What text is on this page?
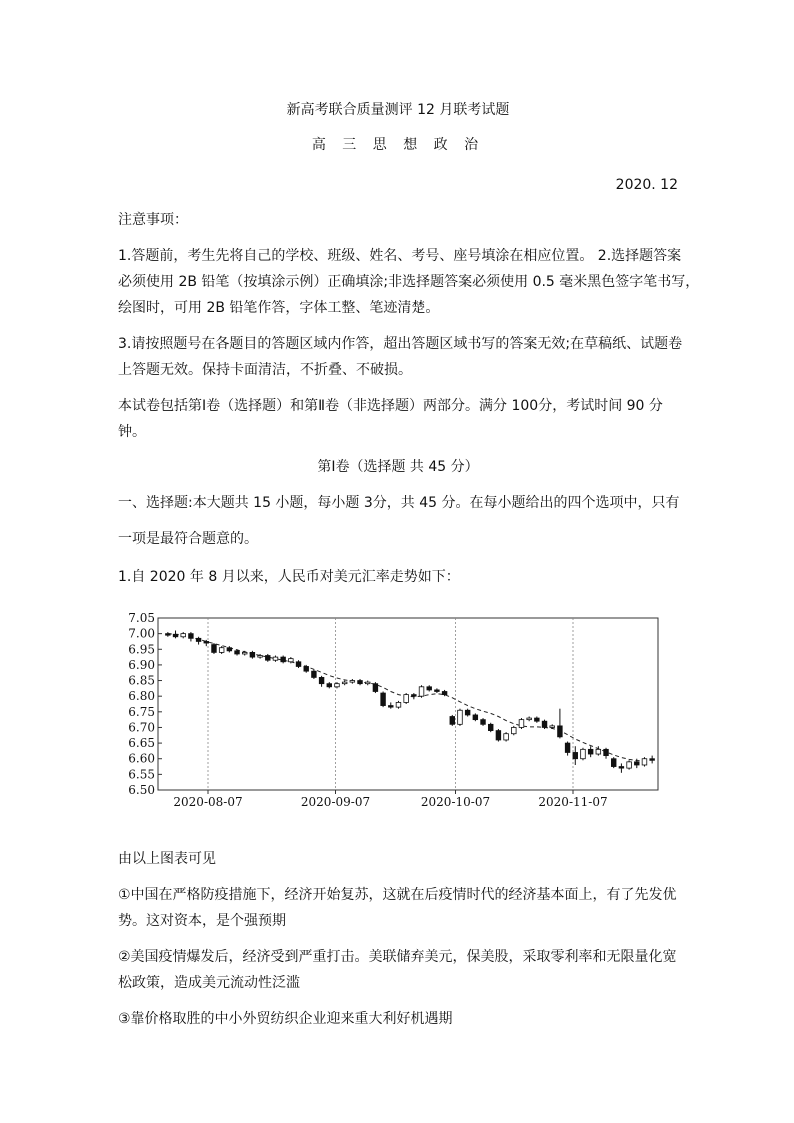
新高考联合质量测评 12 月联考试题
高 三 思 想 政 治
2020. 12
注意事项：
1.答题前，考生先将自己的学校、班级、姓名、考号、座号填涂在相应位置。 2.选择题答案
必须使用 2B 铅笔（按填涂示例）正确填涂;非选择题答案必须使用 0.5 毫米黑色签字笔书写，
绘图时，可用 2B 铅笔作答，字体工整、笔迹清楚。
3.请按照题号在各题目的答题区域内作答，超出答题区域书写的答案无效;在草稿纸、试题卷
上答题无效。保持卡面清洁，不折叠、不破损。
本试卷包括第Ⅰ卷（选择题）和第Ⅱ卷（非选择题）两部分。满分 100分，考试时间 90 分
钟。
第Ⅰ卷（选择题 共 45 分）
一、选择题:本大题共 15 小题，每小题 3分，共 45 分。在每小题给出的四个选项中，只有
一项是最符合题意的。
1.自 2020 年 8 月以来，人民币对美元汇率走势如下：
7.05
7.00
6.95
6.90
6.85
6.80
6.75
6.70
6.65
6.60
6.55
6.50
2020-08-07	2020-09-07	2020-10-07	2020-11-07
由以上图表可见
①中国在严格防疫措施下，经济开始复苏，这就在后疫情时代的经济基本面上，有了先发优
势。这对资本，是个强预期
②美国疫情爆发后，经济受到严重打击。美联储弃美元，保美股，采取零利率和无限量化宽
松政策，造成美元流动性泛滥
③靠价格取胜的中小外贸纺织企业迎来重大利好机遇期
